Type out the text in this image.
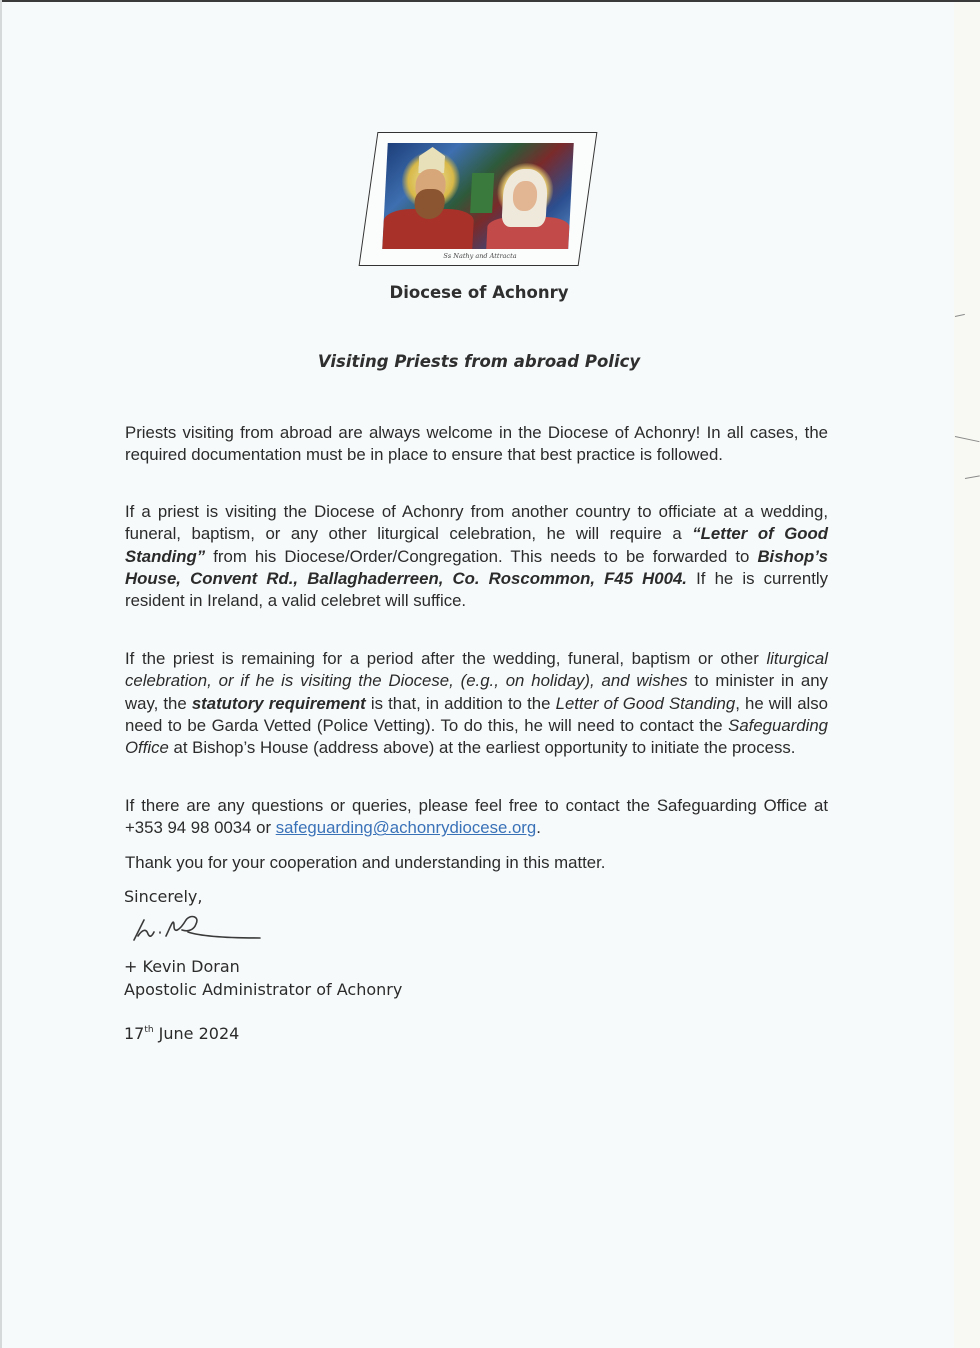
Ss Nathy and Attracta
Diocese of Achonry
Visiting Priests from abroad Policy

Priests visiting from abroad are always welcome in the Diocese of Achonry! In all cases, the required documentation must be in place to ensure that best practice is followed.

If a priest is visiting the Diocese of Achonry from another country to officiate at a wedding, funeral, baptism, or any other liturgical celebration, he will require a “Letter of Good Standing” from his Diocese/Order/Congregation. This needs to be forwarded to Bishop’s House, Convent Rd., Ballaghaderreen, Co. Roscommon, F45 H004. If he is currently resident in Ireland, a valid celebret will suffice.

If the priest is remaining for a period after the wedding, funeral, baptism or other liturgical celebration, or if he is visiting the Diocese, (e.g., on holiday), and wishes to minister in any way, the statutory requirement is that, in addition to the Letter of Good Standing, he will also need to be Garda Vetted (Police Vetting). To do this, he will need to contact the Safeguarding Office at Bishop’s House (address above) at the earliest opportunity to initiate the process.

If there are any questions or queries, please feel free to contact the Safeguarding Office at +353 94 98 0034 or safeguarding@achonrydiocese.org.

Thank you for your cooperation and understanding in this matter.

Sincerely,
+ Kevin Doran
Apostolic Administrator of Achonry
17th June 2024
